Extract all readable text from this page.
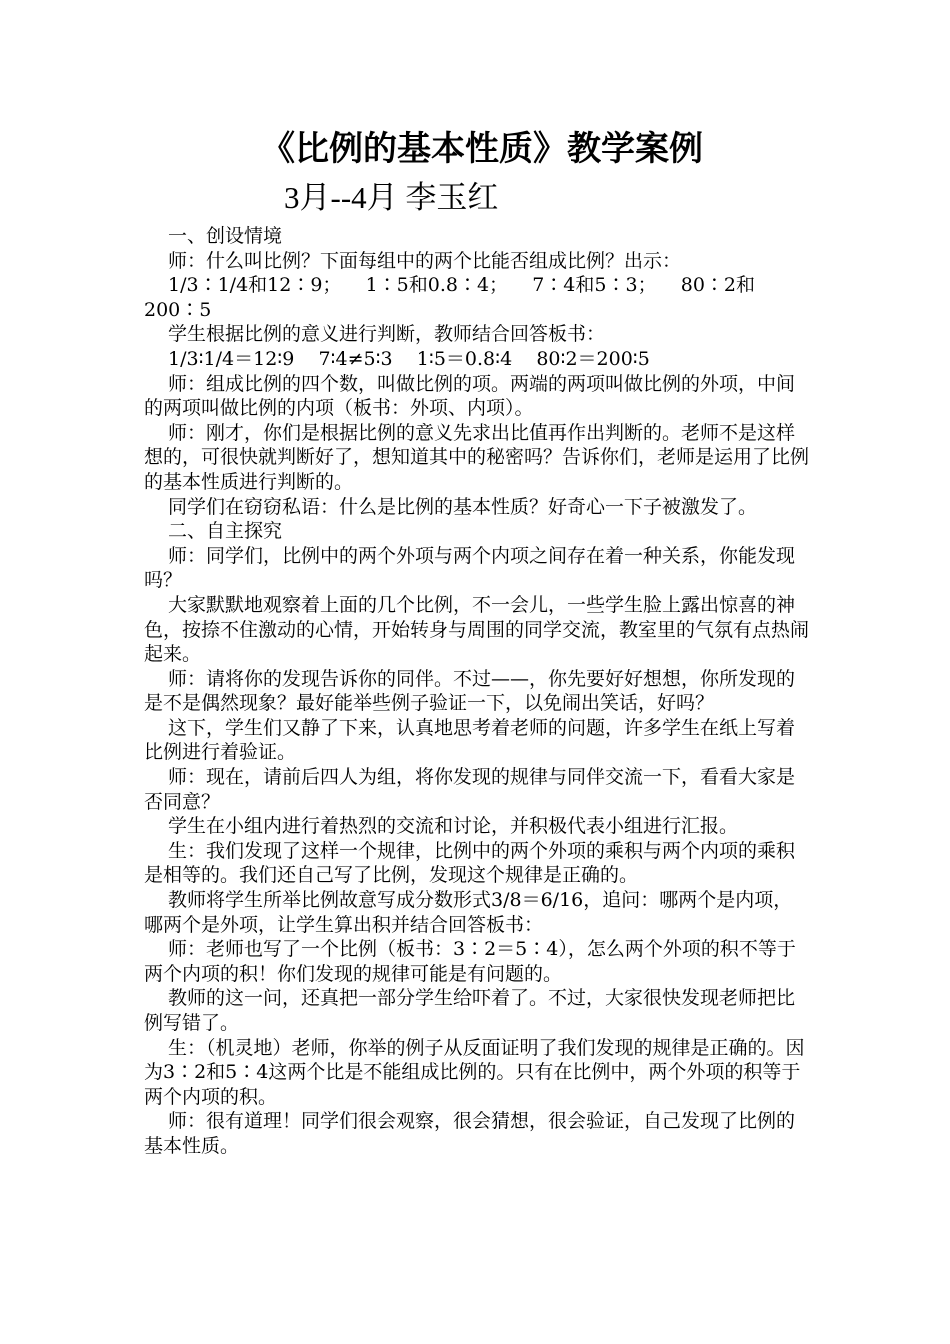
《比例的基本性质》教学案例
3月--4月 李玉红

一、创设情境

师：什么叫比例？下面每组中的两个比能否组成比例？出示：

1/3∶1/4和12∶9；    1∶5和0.8∶4；    7∶4和5∶3；    80∶2和200∶5

学生根据比例的意义进行判断，教师结合回答板书：

1/3∶1/4＝12∶9    7∶4≠5∶3    1∶5＝0.8∶4    80∶2＝200∶5

师：组成比例的四个数，叫做比例的项。两端的两项叫做比例的外项，中间的两项叫做比例的内项（板书：外项、内项）。

师：刚才，你们是根据比例的意义先求出比值再作出判断的。老师不是这样想的，可很快就判断好了，想知道其中的秘密吗？告诉你们，老师是运用了比例的基本性质进行判断的。

同学们在窃窃私语：什么是比例的基本性质？好奇心一下子被激发了。

二、自主探究

师：同学们，比例中的两个外项与两个内项之间存在着一种关系，你能发现吗？

大家默默地观察着上面的几个比例，不一会儿，一些学生脸上露出惊喜的神色，按捺不住激动的心情，开始转身与周围的同学交流，教室里的气氛有点热闹起来。

师：请将你的发现告诉你的同伴。不过——，你先要好好想想，你所发现的是不是偶然现象？最好能举些例子验证一下，以免闹出笑话，好吗？

这下，学生们又静了下来，认真地思考着老师的问题，许多学生在纸上写着比例进行着验证。

师：现在，请前后四人为组，将你发现的规律与同伴交流一下，看看大家是否同意？

学生在小组内进行着热烈的交流和讨论，并积极代表小组进行汇报。

生：我们发现了这样一个规律，比例中的两个外项的乘积与两个内项的乘积是相等的。我们还自己写了比例，发现这个规律是正确的。

教师将学生所举比例故意写成分数形式3/8＝6/16，追问：哪两个是内项，哪两个是外项，让学生算出积并结合回答板书：

师：老师也写了一个比例（板书：3∶2＝5∶4），怎么两个外项的积不等于两个内项的积！你们发现的规律可能是有问题的。

教师的这一问，还真把一部分学生给吓着了。不过，大家很快发现老师把比例写错了。

生：（机灵地）老师，你举的例子从反面证明了我们发现的规律是正确的。因为3∶2和5∶4这两个比是不能组成比例的。只有在比例中，两个外项的积等于两个内项的积。

师：很有道理！同学们很会观察，很会猜想，很会验证，自己发现了比例的基本性质。
